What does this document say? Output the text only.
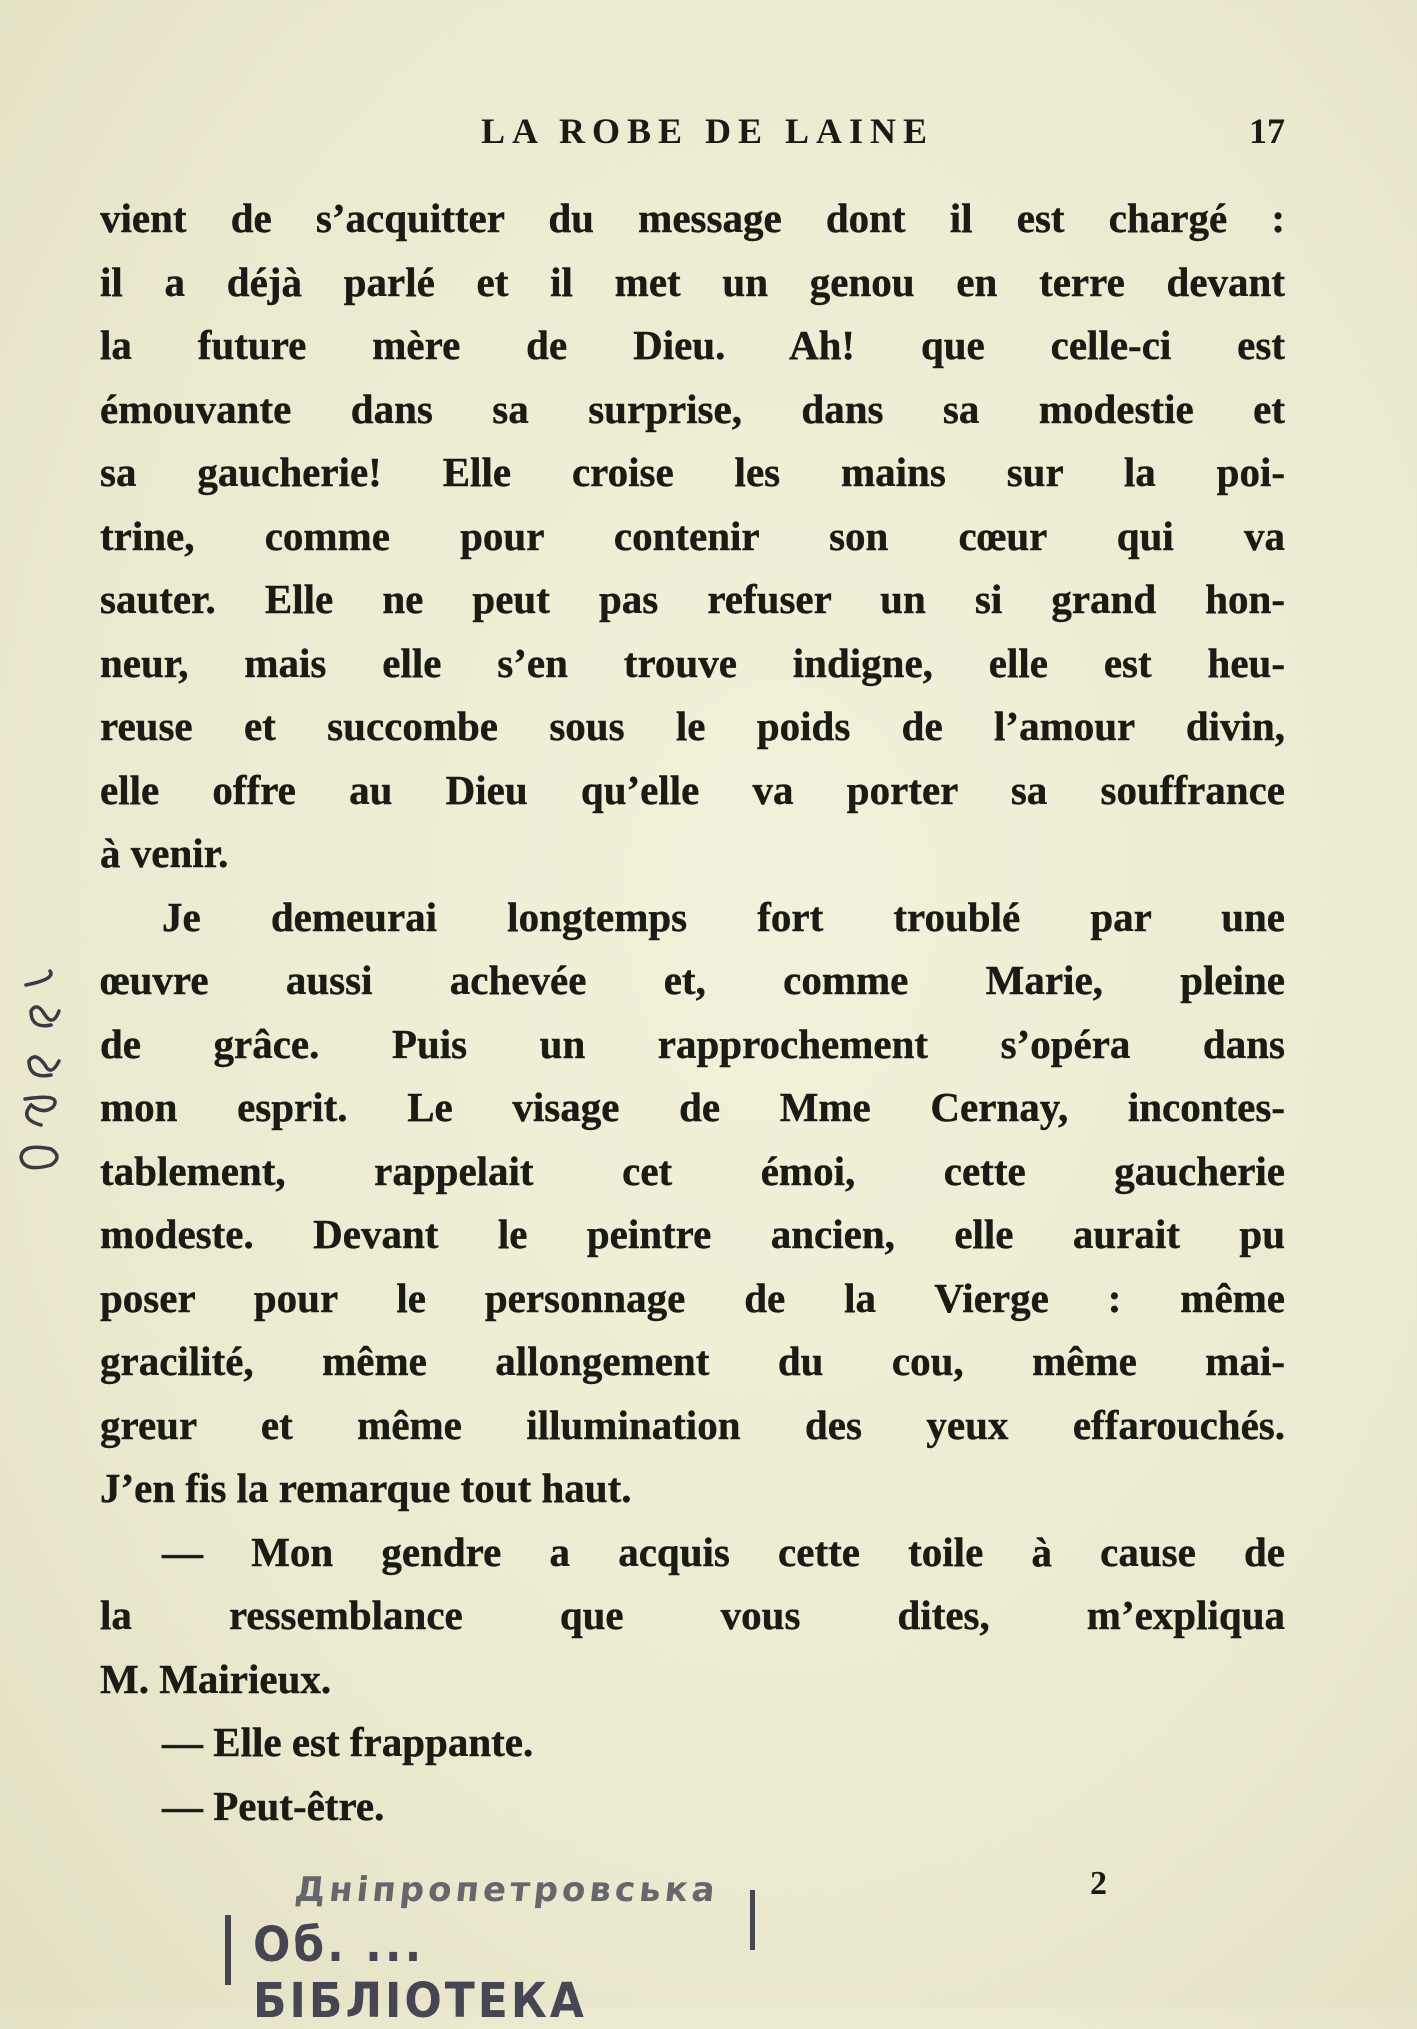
LA ROBE DE LAINE	17
vient de s’acquitter du message dont il est chargé :
il a déjà parlé et il met un genou en terre devant
la future mère de Dieu. Ah! que celle-ci est
émouvante dans sa surprise, dans sa modestie et
sa gaucherie! Elle croise les mains sur la poi-
trine, comme pour contenir son cœur qui va
sauter. Elle ne peut pas refuser un si grand hon-
neur, mais elle s’en trouve indigne, elle est heu-
reuse et succombe sous le poids de l’amour divin,
elle offre au Dieu qu’elle va porter sa souffrance
à venir.
Je demeurai longtemps fort troublé par une
œuvre aussi achevée et, comme Marie, pleine
de grâce. Puis un rapprochement s’opéra dans
mon esprit. Le visage de Mme Cernay, incontes-
tablement, rappelait cet émoi, cette gaucherie
modeste. Devant le peintre ancien, elle aurait pu
poser pour le personnage de la Vierge : même
gracilité, même allongement du cou, même mai-
greur et même illumination des yeux effarouchés.
J’en fis la remarque tout haut.
— Mon gendre a acquis cette toile à cause de
la ressemblance que vous dites, m’expliqua
M. Mairieux.
— Elle est frappante.
— Peut-être.
2
Дніпропетровська
Об. ... БІБЛІОТЕКА
